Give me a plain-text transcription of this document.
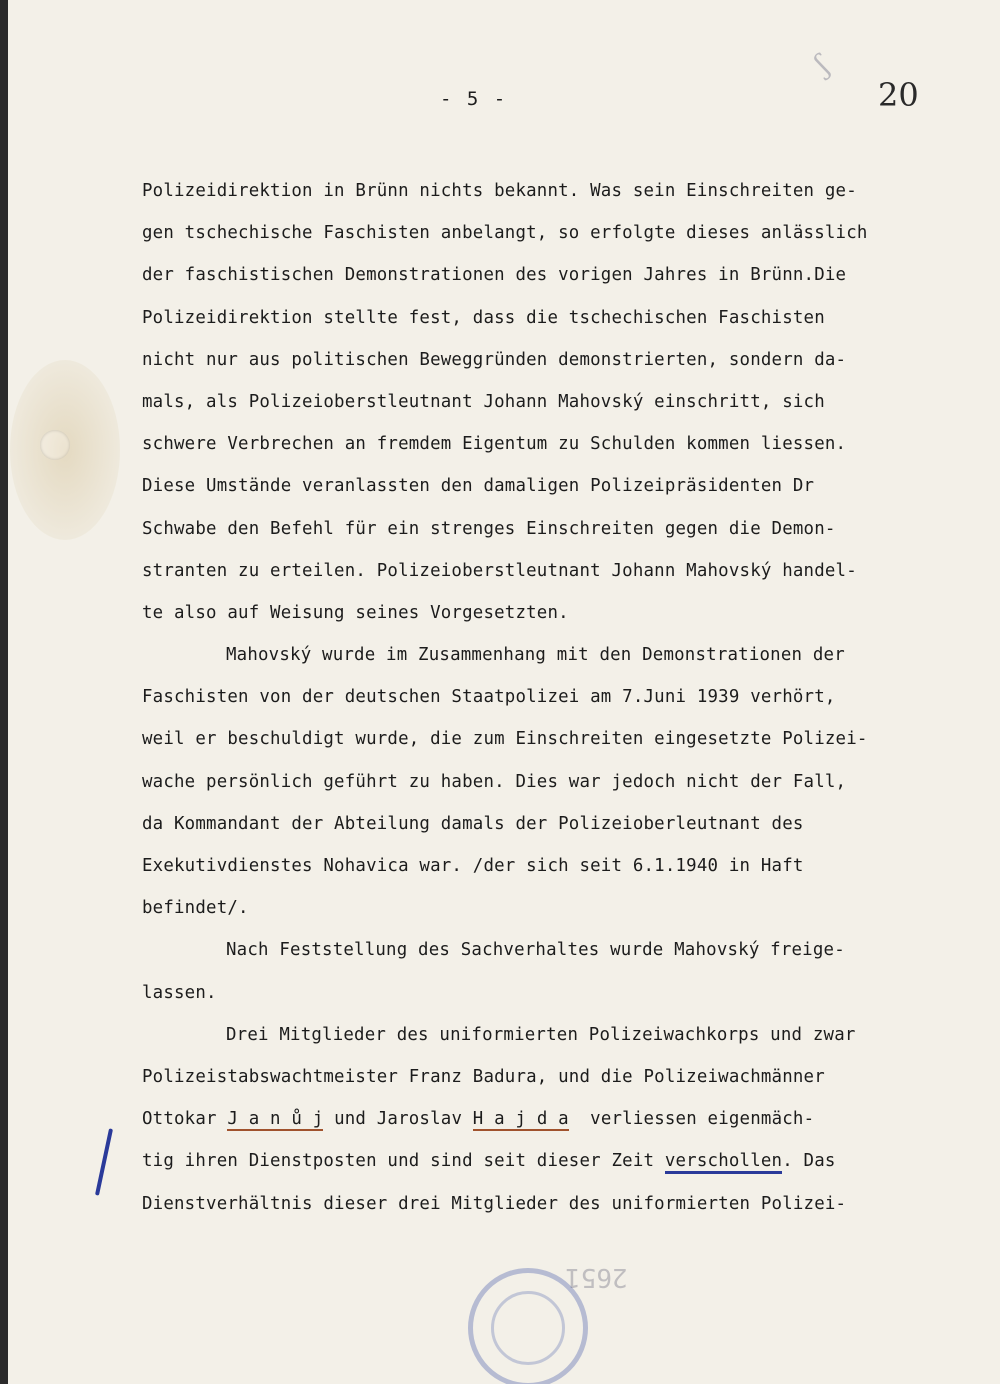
ʃ
- 5 -	20
Polizeidirektion in Brünn nichts bekannt. Was sein Einschreiten ge-
gen tschechische Faschisten anbelangt, so erfolgte dieses anlässlich
der faschistischen Demonstrationen des vorigen Jahres in Brünn.Die
Polizeidirektion stellte fest, dass die tschechischen Faschisten
nicht nur aus politischen Beweggründen demonstrierten, sondern da-
mals, als Polizeioberstleutnant Johann Mahovský einschritt, sich
schwere Verbrechen an fremdem Eigentum zu Schulden kommen liessen.
Diese Umstände veranlassten den damaligen Polizeipräsidenten Dr
Schwabe den Befehl für ein strenges Einschreiten gegen die Demon-
stranten zu erteilen. Polizeioberstleutnant Johann Mahovský handel-
te also auf Weisung seines Vorgesetzten.
Mahovský wurde im Zusammenhang mit den Demonstrationen der
Faschisten von der deutschen Staatpolizei am 7.Juni 1939 verhört,
weil er beschuldigt wurde, die zum Einschreiten eingesetzte Polizei-
wache persönlich geführt zu haben. Dies war jedoch nicht der Fall,
da Kommandant der Abteilung damals der Polizeioberleutnant des
Exekutivdienstes Nohavica war. /der sich seit 6.1.1940 in Haft
befindet/.
Nach Feststellung des Sachverhaltes wurde Mahovský freige-
lassen.
Drei Mitglieder des uniformierten Polizeiwachkorps und zwar
Polizeistabswachtmeister Franz Badura, und die Polizeiwachmänner
Ottokar J a n ů j und Jaroslav H a j d a verliessen eigenmäch-
tig ihren Dienstposten und sind seit dieser Zeit verschollen. Das
Dienstverhältnis dieser drei Mitglieder des uniformierten Polizei-
2651
